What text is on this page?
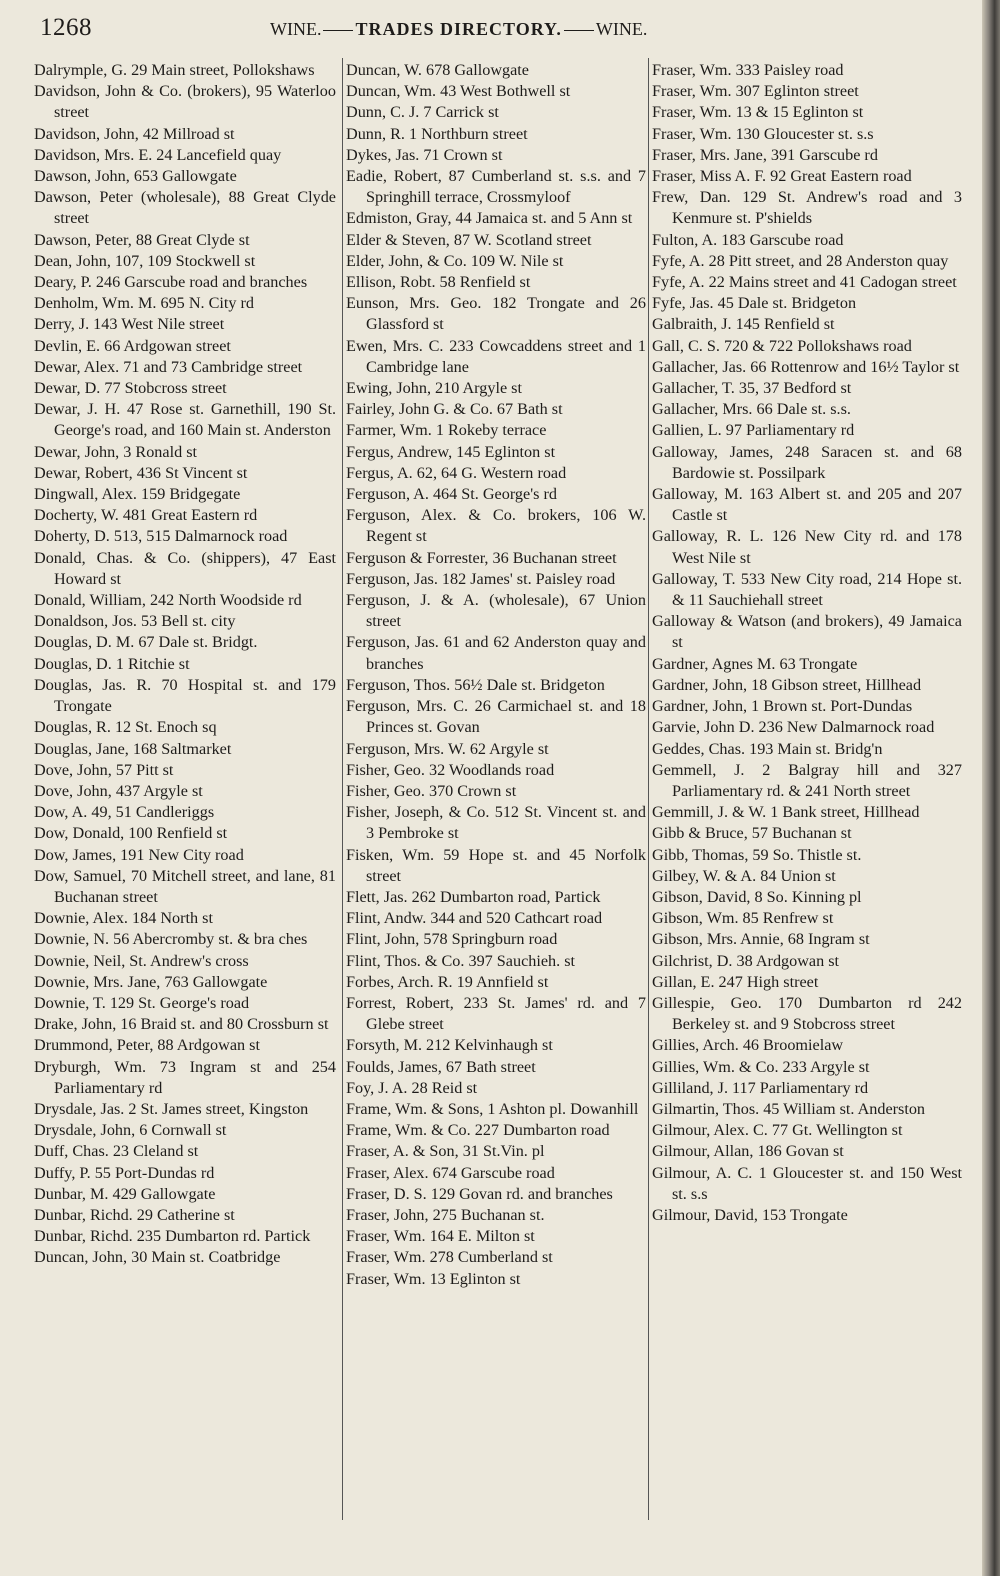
1268	WINE. TRADES DIRECTORY. WINE.

Dalrymple, G. 29 Main street, Pollokshaws

Davidson, John & Co. (brokers), 95 Waterloo street

Davidson, John, 42 Millroad st

Davidson, Mrs. E. 24 Lancefield quay

Dawson, John, 653 Gallowgate

Dawson, Peter (wholesale), 88 Great Clyde street

Dawson, Peter, 88 Great Clyde st

Dean, John, 107, 109 Stockwell st

Deary, P. 246 Garscube road and branches

Denholm, Wm. M. 695 N. City rd

Derry, J. 143 West Nile street

Devlin, E. 66 Ardgowan street

Dewar, Alex. 71 and 73 Cambridge street

Dewar, D. 77 Stobcross street

Dewar, J. H. 47 Rose st. Garnethill, 190 St. George's road, and 160 Main st. Anderston

Dewar, John, 3 Ronald st

Dewar, Robert, 436 St Vincent st

Dingwall, Alex. 159 Bridgegate

Docherty, W. 481 Great Eastern rd

Doherty, D. 513, 515 Dalmarnock road

Donald, Chas. & Co. (shippers), 47 East Howard st

Donald, William, 242 North Woodside rd

Donaldson, Jos. 53 Bell st. city

Douglas, D. M. 67 Dale st. Bridgt.

Douglas, D. 1 Ritchie st

Douglas, Jas. R. 70 Hospital st. and 179 Trongate

Douglas, R. 12 St. Enoch sq

Douglas, Jane, 168 Saltmarket

Dove, John, 57 Pitt st

Dove, John, 437 Argyle st

Dow, A. 49, 51 Candleriggs

Dow, Donald, 100 Renfield st

Dow, James, 191 New City road

Dow, Samuel, 70 Mitchell street, and lane, 81 Buchanan street

Downie, Alex. 184 North st

Downie, N. 56 Abercromby st. & bra ches

Downie, Neil, St. Andrew's cross

Downie, Mrs. Jane, 763 Gallowgate

Downie, T. 129 St. George's road

Drake, John, 16 Braid st. and 80 Crossburn st

Drummond, Peter, 88 Ardgowan st

Dryburgh, Wm. 73 Ingram st and 254 Parliamentary rd

Drysdale, Jas. 2 St. James street, Kingston

Drysdale, John, 6 Cornwall st

Duff, Chas. 23 Cleland st

Duffy, P. 55 Port-Dundas rd

Dunbar, M. 429 Gallowgate

Dunbar, Richd. 29 Catherine st

Dunbar, Richd. 235 Dumbarton rd. Partick

Duncan, John, 30 Main st. Coatbridge

Duncan, W. 678 Gallowgate

Duncan, Wm. 43 West Bothwell st

Dunn, C. J. 7 Carrick st

Dunn, R. 1 Northburn street

Dykes, Jas. 71 Crown st

Eadie, Robert, 87 Cumberland st. s.s. and 7 Springhill terrace, Crossmyloof

Edmiston, Gray, 44 Jamaica st. and 5 Ann st

Elder & Steven, 87 W. Scotland street

Elder, John, & Co. 109 W. Nile st

Ellison, Robt. 58 Renfield st

Eunson, Mrs. Geo. 182 Trongate and 26 Glassford st

Ewen, Mrs. C. 233 Cowcaddens street and 1 Cambridge lane

Ewing, John, 210 Argyle st

Fairley, John G. & Co. 67 Bath st

Farmer, Wm. 1 Rokeby terrace

Fergus, Andrew, 145 Eglinton st

Fergus, A. 62, 64 G. Western road

Ferguson, A. 464 St. George's rd

Ferguson, Alex. & Co. brokers, 106 W. Regent st

Ferguson & Forrester, 36 Buchanan street

Ferguson, Jas. 182 James' st. Paisley road

Ferguson, J. & A. (wholesale), 67 Union street

Ferguson, Jas. 61 and 62 Anderston quay and branches

Ferguson, Thos. 56½ Dale st. Bridgeton

Ferguson, Mrs. C. 26 Carmichael st. and 18 Princes st. Govan

Ferguson, Mrs. W. 62 Argyle st

Fisher, Geo. 32 Woodlands road

Fisher, Geo. 370 Crown st

Fisher, Joseph, & Co. 512 St. Vincent st. and 3 Pembroke st

Fisken, Wm. 59 Hope st. and 45 Norfolk street

Flett, Jas. 262 Dumbarton road, Partick

Flint, Andw. 344 and 520 Cathcart road

Flint, John, 578 Springburn road

Flint, Thos. & Co. 397 Sauchieh. st

Forbes, Arch. R. 19 Annfield st

Forrest, Robert, 233 St. James' rd. and 7 Glebe street

Forsyth, M. 212 Kelvinhaugh st

Foulds, James, 67 Bath street

Foy, J. A. 28 Reid st

Frame, Wm. & Sons, 1 Ashton pl. Dowanhill

Frame, Wm. & Co. 227 Dumbarton road

Fraser, A. & Son, 31 St.Vin. pl

Fraser, Alex. 674 Garscube road

Fraser, D. S. 129 Govan rd. and branches

Fraser, John, 275 Buchanan st.

Fraser, Wm. 164 E. Milton st

Fraser, Wm. 278 Cumberland st

Fraser, Wm. 13 Eglinton st

Fraser, Wm. 333 Paisley road

Fraser, Wm. 307 Eglinton street

Fraser, Wm. 13 & 15 Eglinton st

Fraser, Wm. 130 Gloucester st. s.s

Fraser, Mrs. Jane, 391 Garscube rd

Fraser, Miss A. F. 92 Great Eastern road

Frew, Dan. 129 St. Andrew's road and 3 Kenmure st. P'shields

Fulton, A. 183 Garscube road

Fyfe, A. 28 Pitt street, and 28 Anderston quay

Fyfe, A. 22 Mains street and 41 Cadogan street

Fyfe, Jas. 45 Dale st. Bridgeton

Galbraith, J. 145 Renfield st

Gall, C. S. 720 & 722 Pollokshaws road

Gallacher, Jas. 66 Rottenrow and 16½ Taylor st

Gallacher, T. 35, 37 Bedford st

Gallacher, Mrs. 66 Dale st. s.s.

Gallien, L. 97 Parliamentary rd

Galloway, James, 248 Saracen st. and 68 Bardowie st. Possilpark

Galloway, M. 163 Albert st. and 205 and 207 Castle st

Galloway, R. L. 126 New City rd. and 178 West Nile st

Galloway, T. 533 New City road, 214 Hope st. & 11 Sauchiehall street

Galloway & Watson (and brokers), 49 Jamaica st

Gardner, Agnes M. 63 Trongate

Gardner, John, 18 Gibson street, Hillhead

Gardner, John, 1 Brown st. Port-Dundas

Garvie, John D. 236 New Dalmarnock road

Geddes, Chas. 193 Main st. Bridg'n

Gemmell, J. 2 Balgray hill and 327 Parliamentary rd. & 241 North street

Gemmill, J. & W. 1 Bank street, Hillhead

Gibb & Bruce, 57 Buchanan st

Gibb, Thomas, 59 So. Thistle st.

Gilbey, W. & A. 84 Union st

Gibson, David, 8 So. Kinning pl

Gibson, Wm. 85 Renfrew st

Gibson, Mrs. Annie, 68 Ingram st

Gilchrist, D. 38 Ardgowan st

Gillan, E. 247 High street

Gillespie, Geo. 170 Dumbarton rd 242 Berkeley st. and 9 Stobcross street

Gillies, Arch. 46 Broomielaw

Gillies, Wm. & Co. 233 Argyle st

Gilliland, J. 117 Parliamentary rd

Gilmartin, Thos. 45 William st. Anderston

Gilmour, Alex. C. 77 Gt. Wellington st

Gilmour, Allan, 186 Govan st

Gilmour, A. C. 1 Gloucester st. and 150 West st. s.s

Gilmour, David, 153 Trongate
